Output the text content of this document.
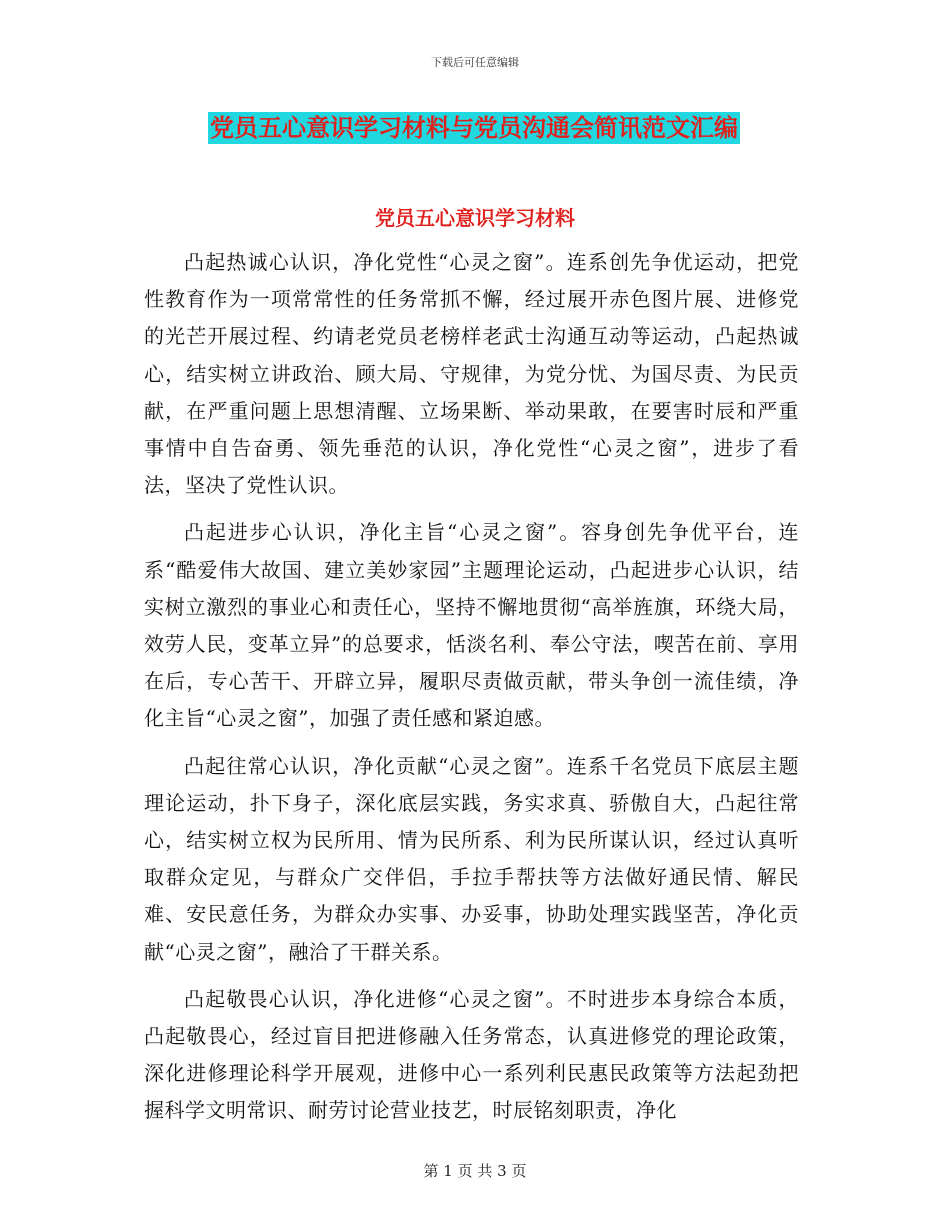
下载后可任意编辑
党员五心意识学习材料与党员沟通会简讯范文汇编
党员五心意识学习材料

凸起热诚心认识，净化党性“心灵之窗”。连系创先争优运动，把党性教育作为一项常常性的任务常抓不懈，经过展开赤色图片展、进修党的光芒开展过程、约请老党员老榜样老武士沟通互动等运动，凸起热诚心，结实树立讲政治、顾大局、守规律，为党分忧、为国尽责、为民贡献，在严重问题上思想清醒、立场果断、举动果敢，在要害时辰和严重事情中自告奋勇、领先垂范的认识，净化党性“心灵之窗”，进步了看法，坚决了党性认识。

凸起进步心认识，净化主旨“心灵之窗”。容身创先争优平台，连系“酷爱伟大故国、建立美妙家园”主题理论运动，凸起进步心认识，结实树立激烈的事业心和责任心，坚持不懈地贯彻“高举旌旗，环绕大局，效劳人民，变革立异”的总要求，恬淡名利、奉公守法，喫苦在前、享用在后，专心苦干、开辟立异，履职尽责做贡献，带头争创一流佳绩，净化主旨“心灵之窗”，加强了责任感和紧迫感。

凸起往常心认识，净化贡献“心灵之窗”。连系千名党员下底层主题理论运动，扑下身子，深化底层实践，务实求真、骄傲自大，凸起往常心，结实树立权为民所用、情为民所系、利为民所谋认识，经过认真听取群众定见，与群众广交伴侣，手拉手帮扶等方法做好通民情、解民难、安民意任务，为群众办实事、办妥事，协助处理实践坚苦，净化贡献“心灵之窗”，融洽了干群关系。

凸起敬畏心认识，净化进修“心灵之窗”。不时进步本身综合本质，凸起敬畏心，经过盲目把进修融入任务常态，认真进修党的理论政策，深化进修理论科学开展观，进修中心一系列利民惠民政策等方法起劲把握科学文明常识、耐劳讨论营业技艺，时辰铭刻职责，净化

第 1 页 共 3 页
